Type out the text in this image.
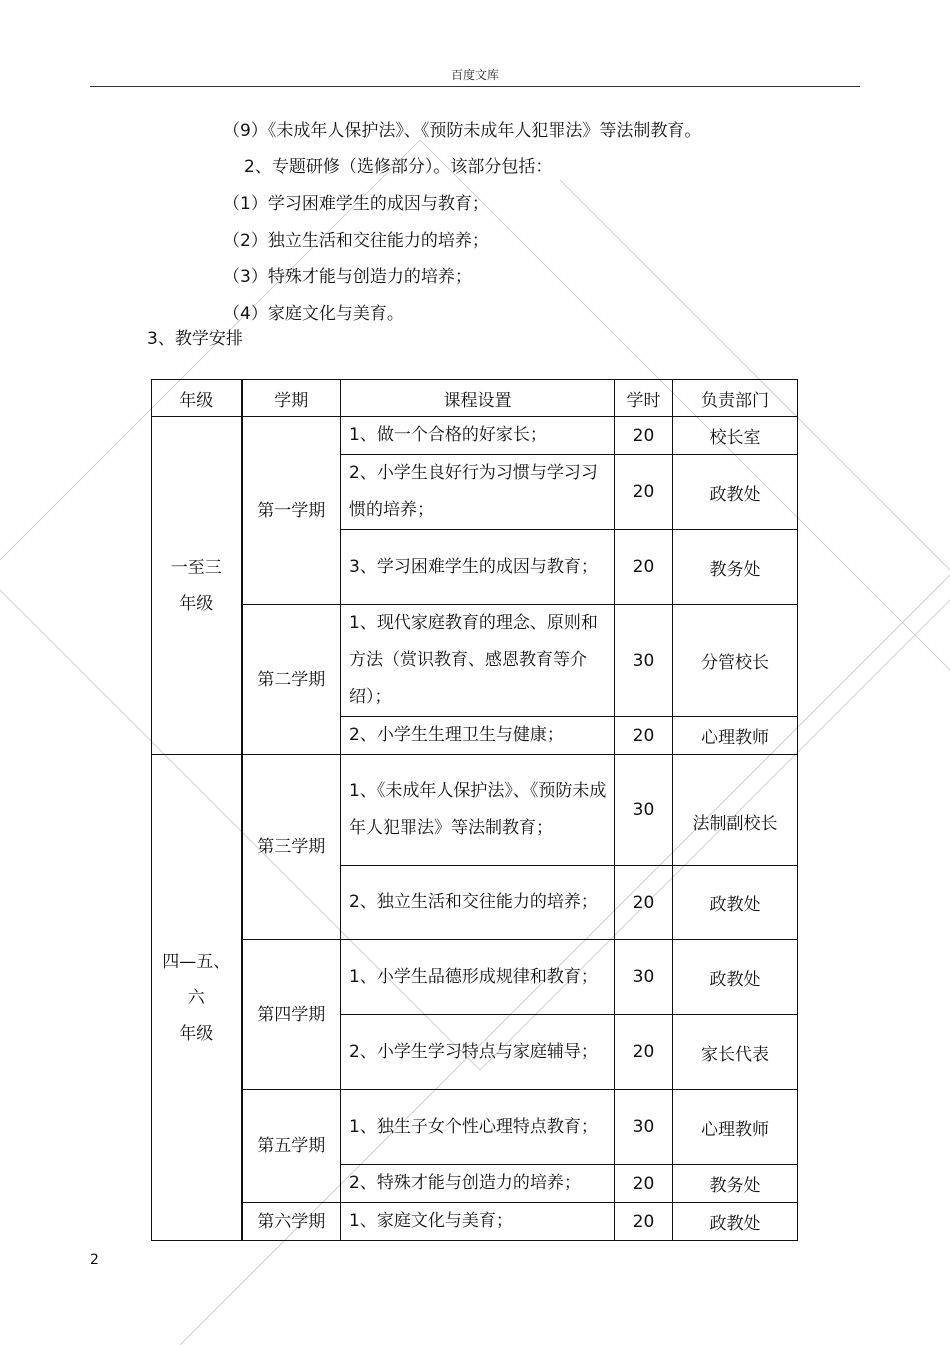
百度文库
（9）《未成年人保护法》、《预防未成年人犯罪法》等法制教育。
2、专题研修（选修部分）。该部分包括：
（1）学习困难学生的成因与教育；
（2）独立生活和交往能力的培养；
（3）特殊才能与创造力的培养；
（4）家庭文化与美育。
3、教学安排
年级	学期	课程设置	学时	负责部门

一至三
年级	第一学期	1、做一个合格的好家长；	20	校长室
		2、小学生良好行为习惯与学习习惯的培养；	20	政教处
		3、学习困难学生的成因与教育；	20	教务处
	第二学期	1、现代家庭教育的理念、原则和方法（赏识教育、感恩教育等介绍）；	30	分管校长
		2、小学生生理卫生与健康；	20	心理教师

四—五、
六
年级	第三学期	1、《未成年人保护法》、《预防未成年人犯罪法》等法制教育；	30	法制副校长
		2、独立生活和交往能力的培养；	20	政教处
	第四学期	1、小学生品德形成规律和教育；	30	政教处
		2、小学生学习特点与家庭辅导；	20	家长代表
	第五学期	1、独生子女个性心理特点教育；	30	心理教师
		2、特殊才能与创造力的培养；	20	教务处
	第六学期	1、家庭文化与美育；	20	政教处
2
